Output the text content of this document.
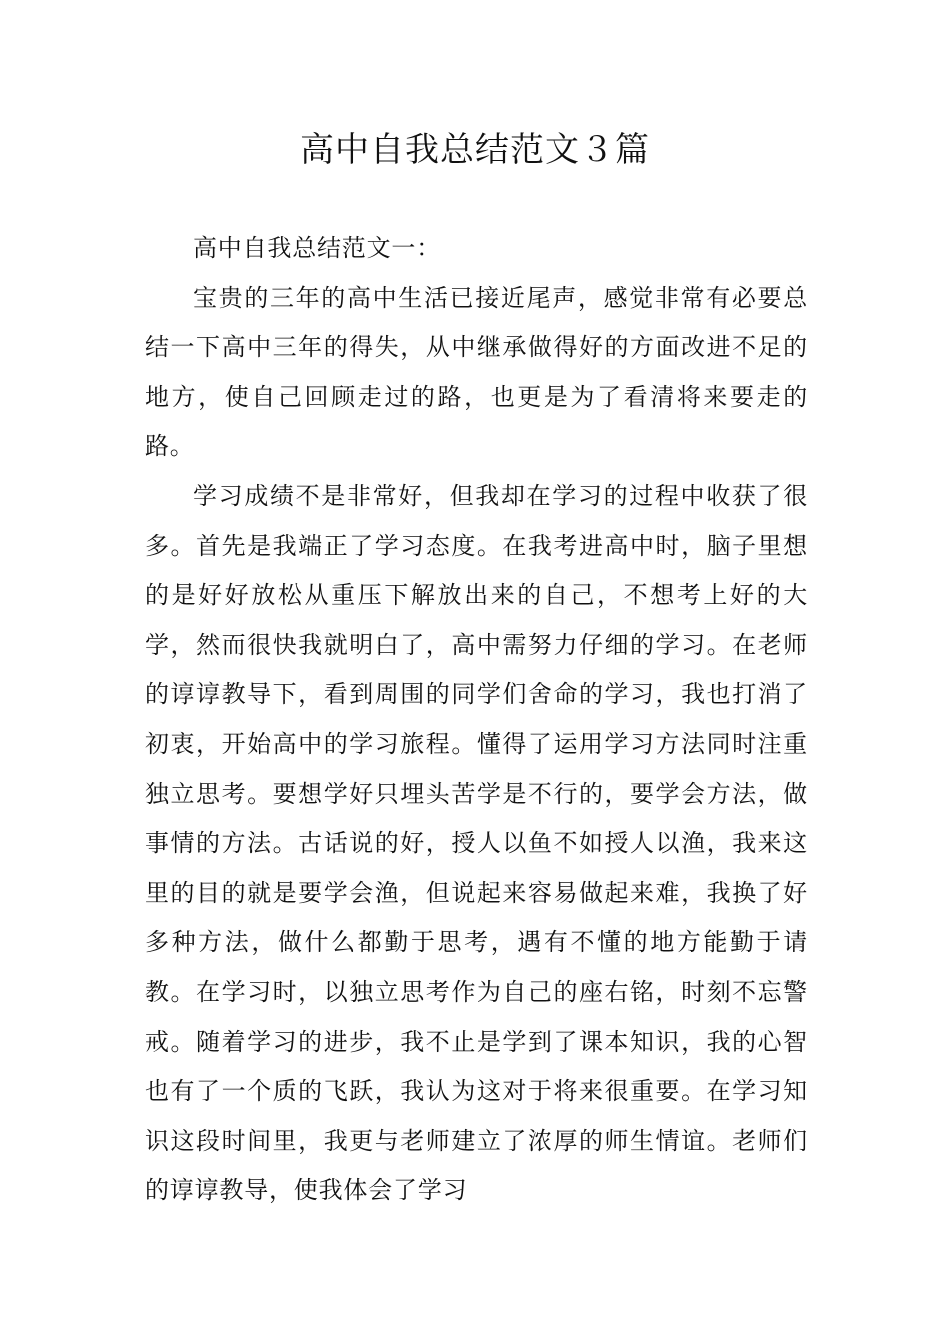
高中自我总结范文３篇

高中自我总结范文一：

宝贵的三年的高中生活已接近尾声，感觉非常有必要总结一下高中三年的得失，从中继承做得好的方面改进不足的地方，使自己回顾走过的路，也更是为了看清将来要走的路。

学习成绩不是非常好，但我却在学习的过程中收获了很多。首先是我端正了学习态度。在我考进高中时，脑子里想的是好好放松从重压下解放出来的自己，不想考上好的大学，然而很快我就明白了，高中需努力仔细的学习。在老师的谆谆教导下，看到周围的同学们舍命的学习，我也打消了初衷，开始高中的学习旅程。懂得了运用学习方法同时注重独立思考。要想学好只埋头苦学是不行的，要学会方法，做事情的方法。古话说的好，授人以鱼不如授人以渔，我来这里的目的就是要学会渔，但说起来容易做起来难，我换了好多种方法，做什么都勤于思考，遇有不懂的地方能勤于请教。在学习时，以独立思考作为自己的座右铭，时刻不忘警戒。随着学习的进步，我不止是学到了课本知识，我的心智也有了一个质的飞跃，我认为这对于将来很重要。在学习知识这段时间里，我更与老师建立了浓厚的师生情谊。老师们的谆谆教导，使我体会了学习
